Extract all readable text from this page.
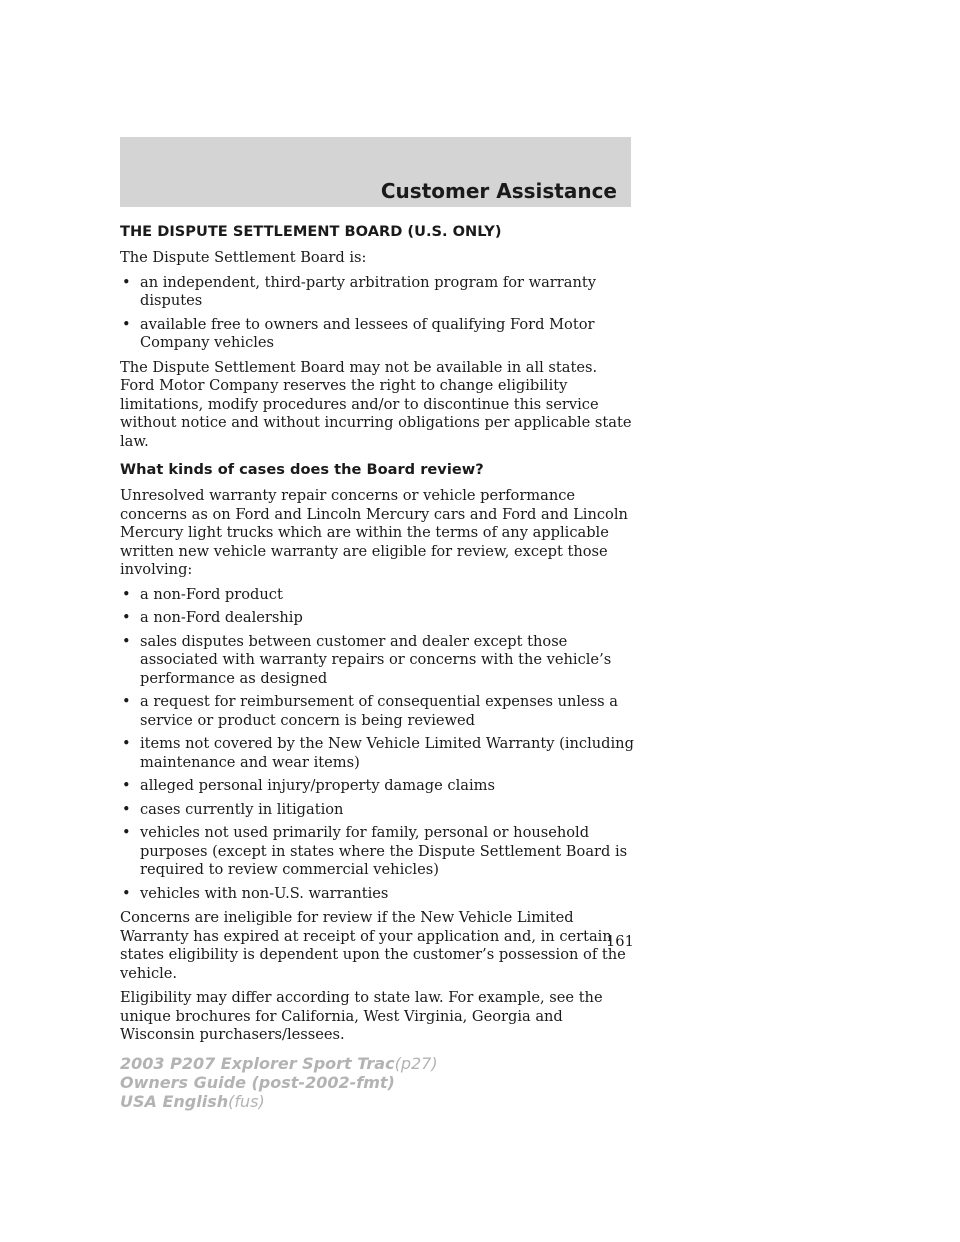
Customer Assistance
THE DISPUTE SETTLEMENT BOARD (U.S. ONLY)

The Dispute Settlement Board is:

• an independent, third-party arbitration program for warranty disputes
• available free to owners and lessees of qualifying Ford Motor Company vehicles

The Dispute Settlement Board may not be available in all states. Ford Motor Company reserves the right to change eligibility limitations, modify procedures and/or to discontinue this service without notice and without incurring obligations per applicable state law.

What kinds of cases does the Board review?

Unresolved warranty repair concerns or vehicle performance concerns as on Ford and Lincoln Mercury cars and Ford and Lincoln Mercury light trucks which are within the terms of any applicable written new vehicle warranty are eligible for review, except those involving:

• a non-Ford product
• a non-Ford dealership
• sales disputes between customer and dealer except those associated with warranty repairs or concerns with the vehicle’s performance as designed
• a request for reimbursement of consequential expenses unless a service or product concern is being reviewed
• items not covered by the New Vehicle Limited Warranty (including maintenance and wear items)
• alleged personal injury/property damage claims
• cases currently in litigation
• vehicles not used primarily for family, personal or household purposes (except in states where the Dispute Settlement Board is required to review commercial vehicles)
• vehicles with non-U.S. warranties

Concerns are ineligible for review if the New Vehicle Limited Warranty has expired at receipt of your application and, in certain states eligibility is dependent upon the customer’s possession of the vehicle.

Eligibility may differ according to state law. For example, see the unique brochures for California, West Virginia, Georgia and Wisconsin purchasers/lessees.

161
2003 P207 Explorer Sport Trac(p27)
Owners Guide (post-2002-fmt)
USA English(fus)
